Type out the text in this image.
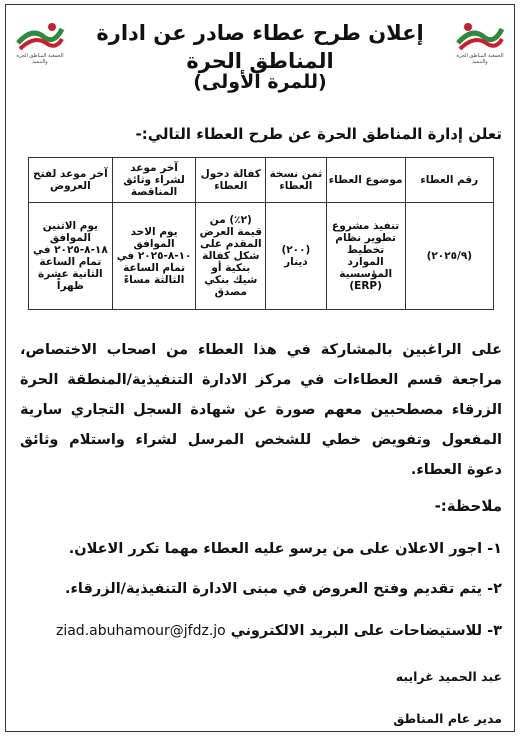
الجمعية المناطق الحرة والتنمية
الجمعية المناطق الحرة والتنمية
إعلان طرح عطاء صادر عن ادارة المناطق الحرة
(للمرة الأولى)
تعلن إدارة المناطق الحرة عن طرح العطاء التالي:-
رقم العطاء	موضوع العطاء	ثمن نسخة العطاء	كفالة دخول العطاء	آخر موعد لشراء وثائق المناقصة	آخر موعد لفتح العروض
(٢٠٢٥/٩)	تنفيذ مشروع تطوير نظام تخطيط الموارد المؤسسية (ERP)	(٢٠٠) دينار	(٢٪) من قيمة العرض المقدم على شكل كفالة بنكية أو شيك بنكي مصدق	يوم الاحد الموافق ١٠-٨-٢٠٢٥ في تمام الساعة الثالثة مساءً	يوم الاثنين الموافق ١٨-٨-٢٠٢٥ في تمام الساعة الثانية عشرة ظهراً
على الراغبين بالمشاركة في هذا العطاء من اصحاب الاختصاص، مراجعة قسم العطاءات في مركز الادارة التنفيذية/المنطقة الحرة الزرقاء مصطحبين معهم صورة عن شهادة السجل التجاري سارية المفعول وتفويض خطي للشخص المرسل لشراء واستلام وثائق دعوة العطاء.
ملاحظة:-
١- اجور الاعلان على من يرسو عليه العطاء مهما تكرر الاعلان.
٢- يتم تقديم وفتح العروض في مبنى الادارة التنفيذية/الزرقاء.
٣- للاستيضاحات على البريد الالكتروني ziad.abuhamour@jfdz.jo
عبد الحميد غرايبه
مدير عام المناطق
